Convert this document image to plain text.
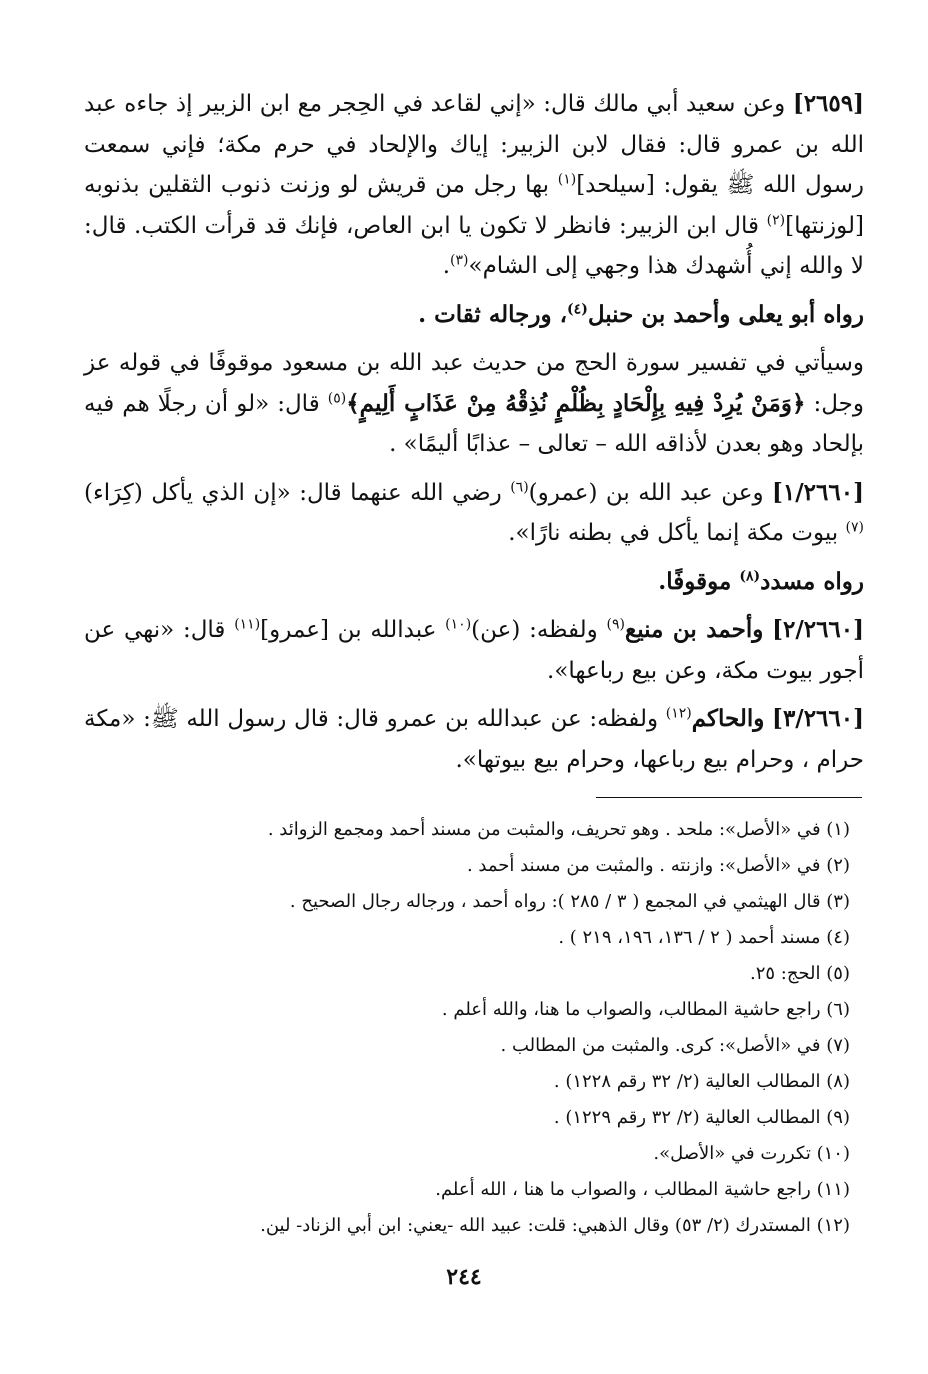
[٢٦٥٩] وعن سعيد أبي مالك قال: «إني لقاعد في الحِجر مع ابن الزبير إذ جاءه عبد الله بن عمرو قال: فقال لابن الزبير: إياك والإلحاد في حرم مكة؛ فإني سمعت رسول الله ﷺ يقول: [سيلحد]$^{(١)}$ بها رجل من قريش لو وزنت ذنوب الثقلين بذنوبه [لوزنتها]$^{(٢)}$ قال ابن الزبير: فانظر لا تكون يا ابن العاص، فإنك قد قرأت الكتب. قال: لا والله إني أُشهدك هذا وجهي إلى الشام»$^{(٣)}$.

رواه أبو يعلى وأحمد بن حنبل$^{(٤)}$، ورجاله ثقات .

وسيأتي في تفسير سورة الحج من حديث عبد الله بن مسعود موقوفًا في قوله عز وجل: ﴿وَمَنْ يُرِدْ فِيهِ بِإِلْحَادٍ بِظُلْمٍ نُذِقْهُ مِنْ عَذَابٍ أَلِيمٍ﴾$^{(٥)}$ قال: «لو أن رجلًا هم فيه بإلحاد وهو بعدن لأذاقه الله – تعالى – عذابًا أليمًا» .

[١/٢٦٦٠] وعن عبد الله بن (عمرو)$^{(٦)}$ رضي الله عنهما قال: «إن الذي يأكل (كِرَاء)$^{(٧)}$ بيوت مكة إنما يأكل في بطنه نارًا».

رواه مسدد$^{(٨)}$ موقوفًا.

[٢/٢٦٦٠] وأحمد بن منيع$^{(٩)}$ ولفظه: (عن)$^{(١٠)}$ عبدالله بن [عمرو]$^{(١١)}$ قال: «نهي عن أجور بيوت مكة، وعن بيع رباعها».

[٣/٢٦٦٠] والحاكم$^{(١٢)}$ ولفظه: عن عبدالله بن عمرو قال: قال رسول الله ﷺ: «مكة حرام ، وحرام بيع رباعها، وحرام بيع بيوتها».

(١) في «الأصل»: ملحد . وهو تحريف، والمثبت من مسند أحمد ومجمع الزوائد .

(٢) في «الأصل»: وازنته . والمثبت من مسند أحمد .

(٣) قال الهيثمي في المجمع ( ٣ / ٢٨٥ ): رواه أحمد ، ورجاله رجال الصحيح .

(٤) مسند أحمد ( ٢ / ١٣٦، ١٩٦، ٢١٩ ) .

(٥) الحج: ٢٥.

(٦) راجع حاشية المطالب، والصواب ما هنا، والله أعلم .

(٧) في «الأصل»: كرى. والمثبت من المطالب .

(٨) المطالب العالية (٢/ ٣٢ رقم ١٢٢٨) .

(٩) المطالب العالية (٢/ ٣٢ رقم ١٢٢٩) .

(١٠) تكررت في «الأصل».

(١١) راجع حاشية المطالب ، والصواب ما هنا ، الله أعلم.

(١٢) المستدرك (٢/ ٥٣) وقال الذهبي: قلت: عبيد الله -يعني: ابن أبي الزناد- لين.

٢٤٤
